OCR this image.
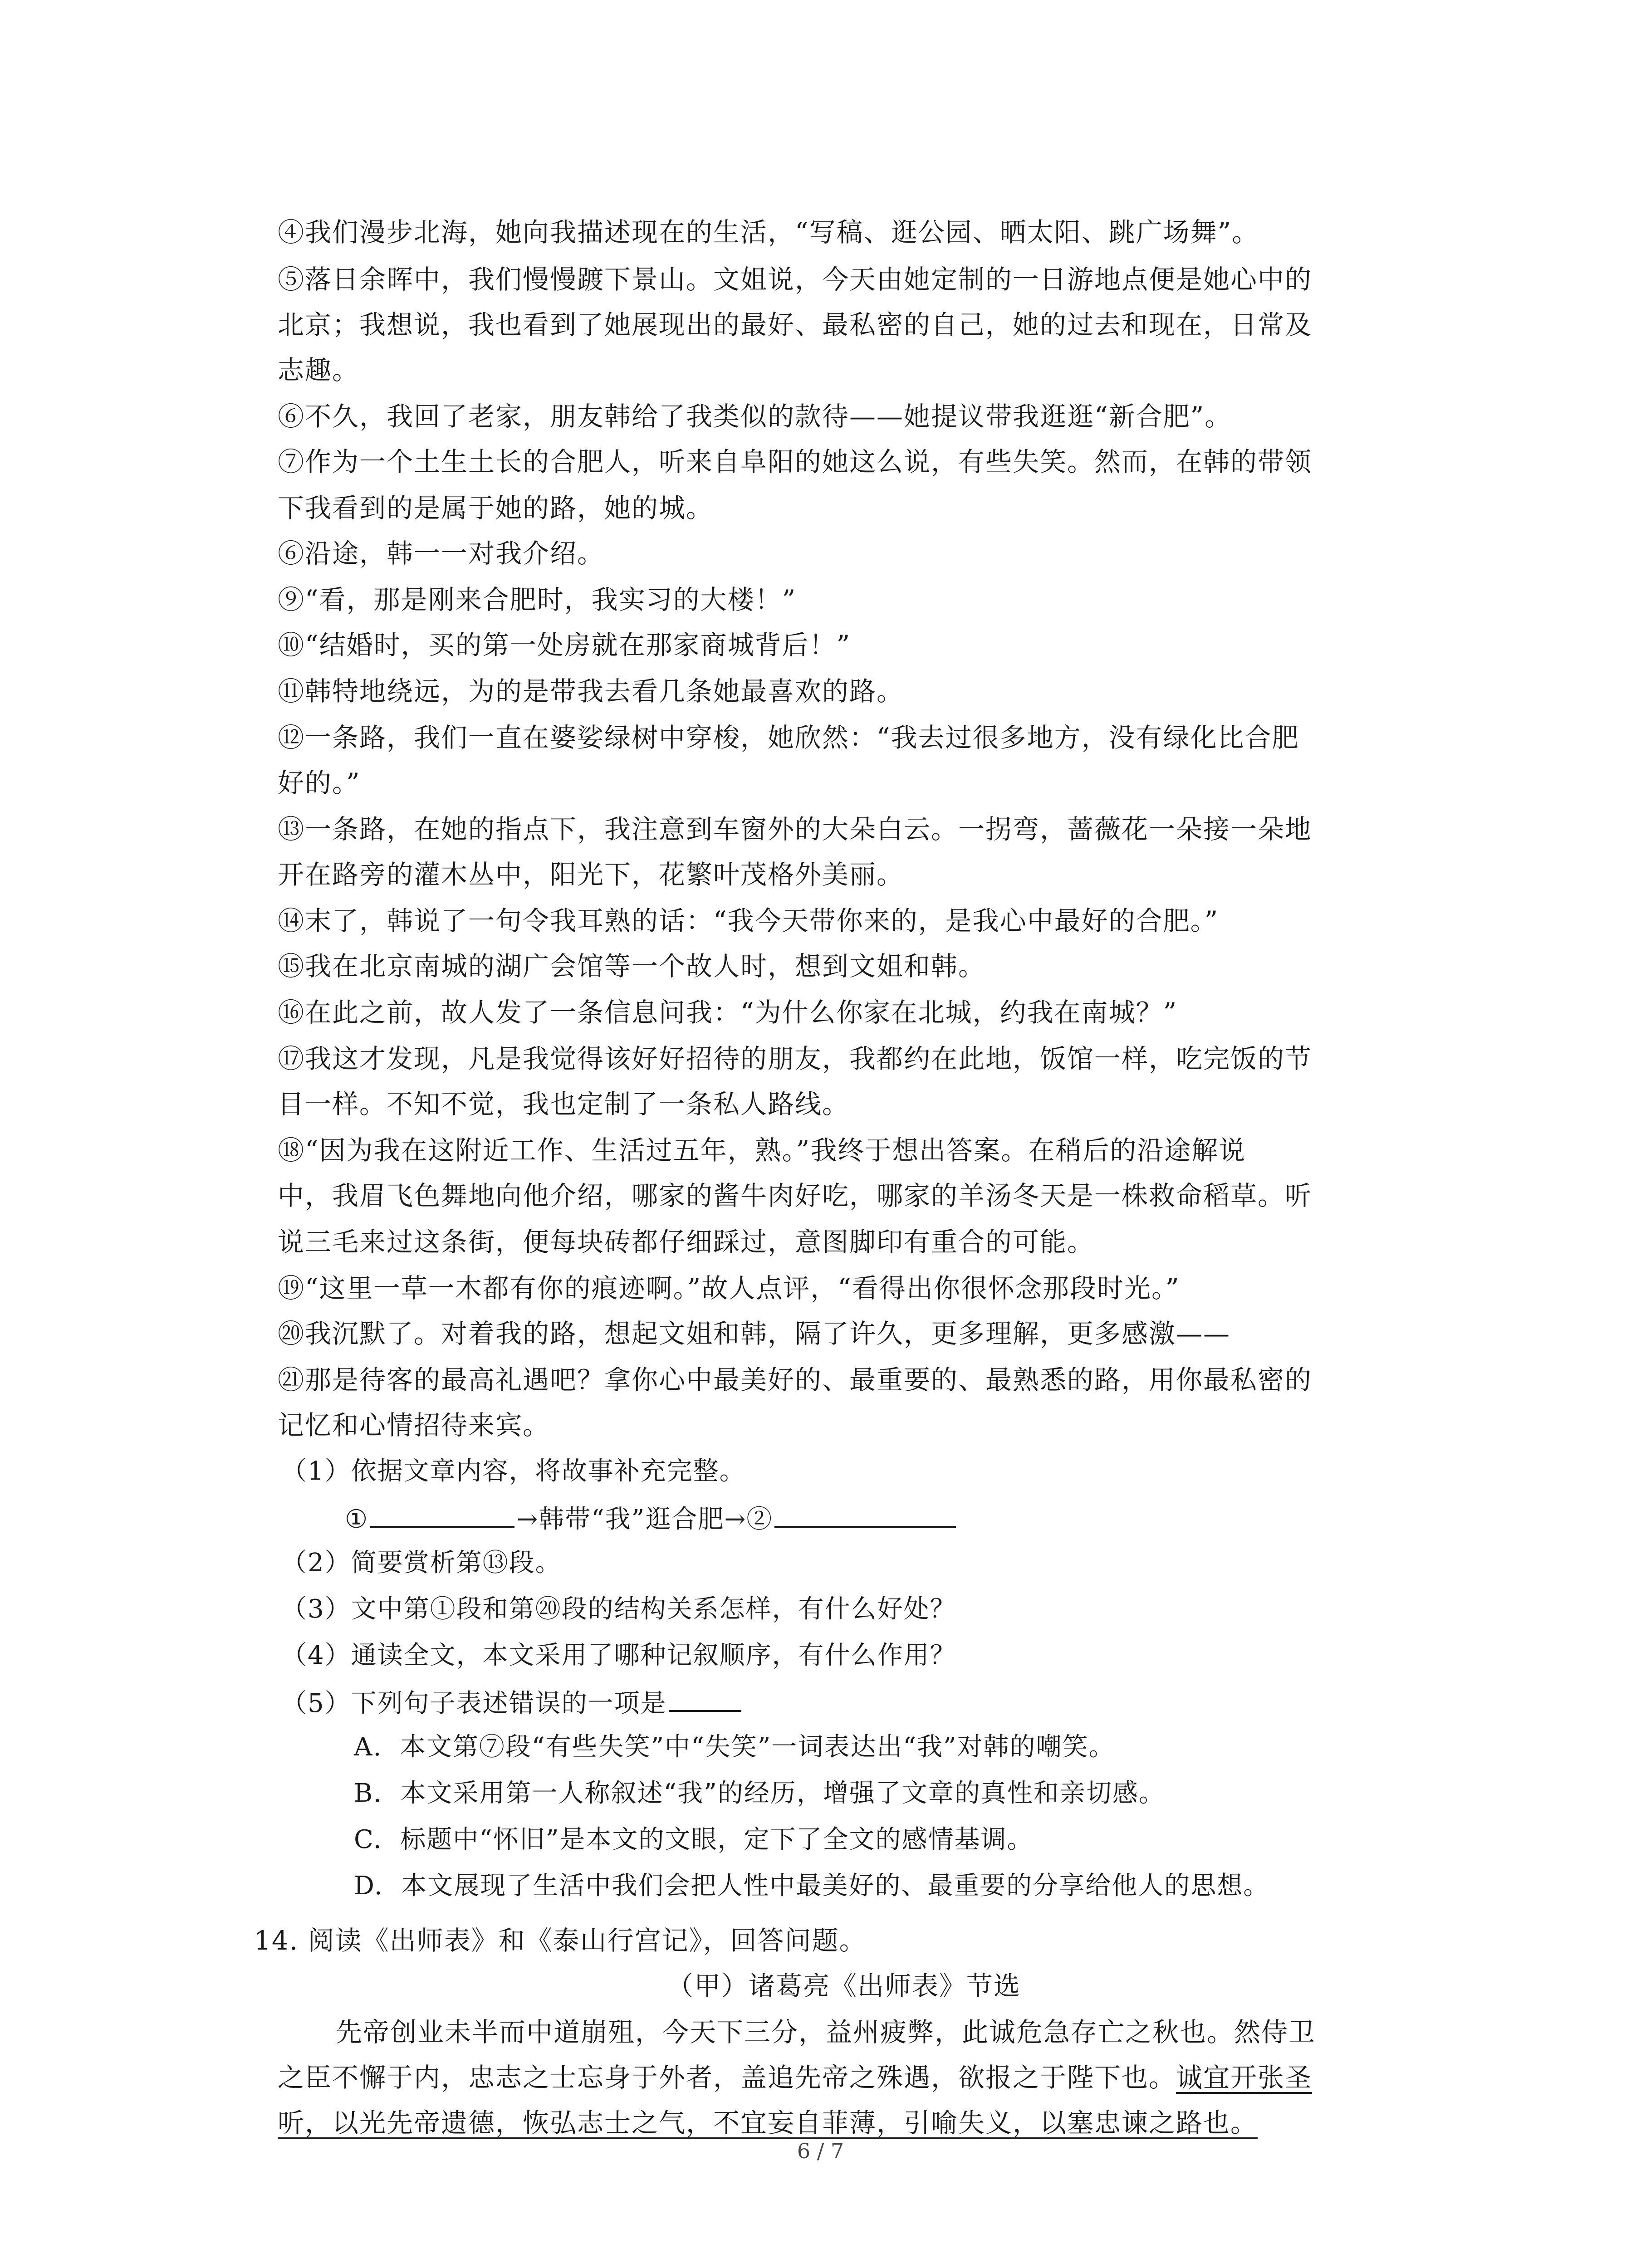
④我们漫步北海，她向我描述现在的生活，“写稿、逛公园、晒太阳、跳广场舞”。
⑤落日余晖中，我们慢慢踱下景山。文姐说，今天由她定制的一日游地点便是她心中的
北京；我想说，我也看到了她展现出的最好、最私密的自己，她的过去和现在，日常及
志趣。
⑥不久，我回了老家，朋友韩给了我类似的款待——她提议带我逛逛“新合肥”。
⑦作为一个土生土长的合肥人，听来自阜阳的她这么说，有些失笑。然而，在韩的带领
下我看到的是属于她的路，她的城。
⑥沿途，韩一一对我介绍。
⑨“看，那是刚来合肥时，我实习的大楼！”
⑩“结婚时，买的第一处房就在那家商城背后！”
⑪韩特地绕远，为的是带我去看几条她最喜欢的路。
⑫一条路，我们一直在婆娑绿树中穿梭，她欣然：“我去过很多地方，没有绿化比合肥
好的。”
⑬一条路，在她的指点下，我注意到车窗外的大朵白云。一拐弯，蔷薇花一朵接一朵地
开在路旁的灌木丛中，阳光下，花繁叶茂格外美丽。
⑭末了，韩说了一句令我耳熟的话：“我今天带你来的，是我心中最好的合肥。”
⑮我在北京南城的湖广会馆等一个故人时，想到文姐和韩。
⑯在此之前，故人发了一条信息问我：“为什么你家在北城，约我在南城？”
⑰我这才发现，凡是我觉得该好好招待的朋友，我都约在此地，饭馆一样，吃完饭的节
目一样。不知不觉，我也定制了一条私人路线。
⑱“因为我在这附近工作、生活过五年，熟。”我终于想出答案。在稍后的沿途解说
中，我眉飞色舞地向他介绍，哪家的酱牛肉好吃，哪家的羊汤冬天是一株救命稻草。听
说三毛来过这条街，便每块砖都仔细踩过，意图脚印有重合的可能。
⑲“这里一草一木都有你的痕迹啊。”故人点评，“看得出你很怀念那段时光。”
⑳我沉默了。对着我的路，想起文姐和韩，隔了许久，更多理解，更多感激——
㉑那是待客的最高礼遇吧？拿你心中最美好的、最重要的、最熟悉的路，用你最私密的
记忆和心情招待来宾。
（1）依据文章内容，将故事补充完整。
①	→韩带“我”逛合肥→②
（2）简要赏析第⑬段。
（3）文中第①段和第⑳段的结构关系怎样，有什么好处？
（4）通读全文，本文采用了哪种记叙顺序，有什么作用？
（5）下列句子表述错误的一项是
A.  本文第⑦段“有些失笑”中“失笑”一词表达出“我”对韩的嘲笑。
B.  本文采用第一人称叙述“我”的经历，增强了文章的真性和亲切感。
C.  标题中“怀旧”是本文的文眼，定下了全文的感情基调。
D.  本文展现了生活中我们会把人性中最美好的、最重要的分享给他人的思想。
14. 阅读《出师表》和《泰山行宫记》，回答问题。
（甲）诸葛亮《出师表》节选
先帝创业未半而中道崩殂，今天下三分，益州疲弊，此诚危急存亡之秋也。然侍卫
之臣不懈于内，忠志之士忘身于外者，盖追先帝之殊遇，欲报之于陛下也。诚宜开张圣
听，以光先帝遗德，恢弘志士之气，不宜妄自菲薄，引喻失义，以塞忠谏之路也。
6 / 7
